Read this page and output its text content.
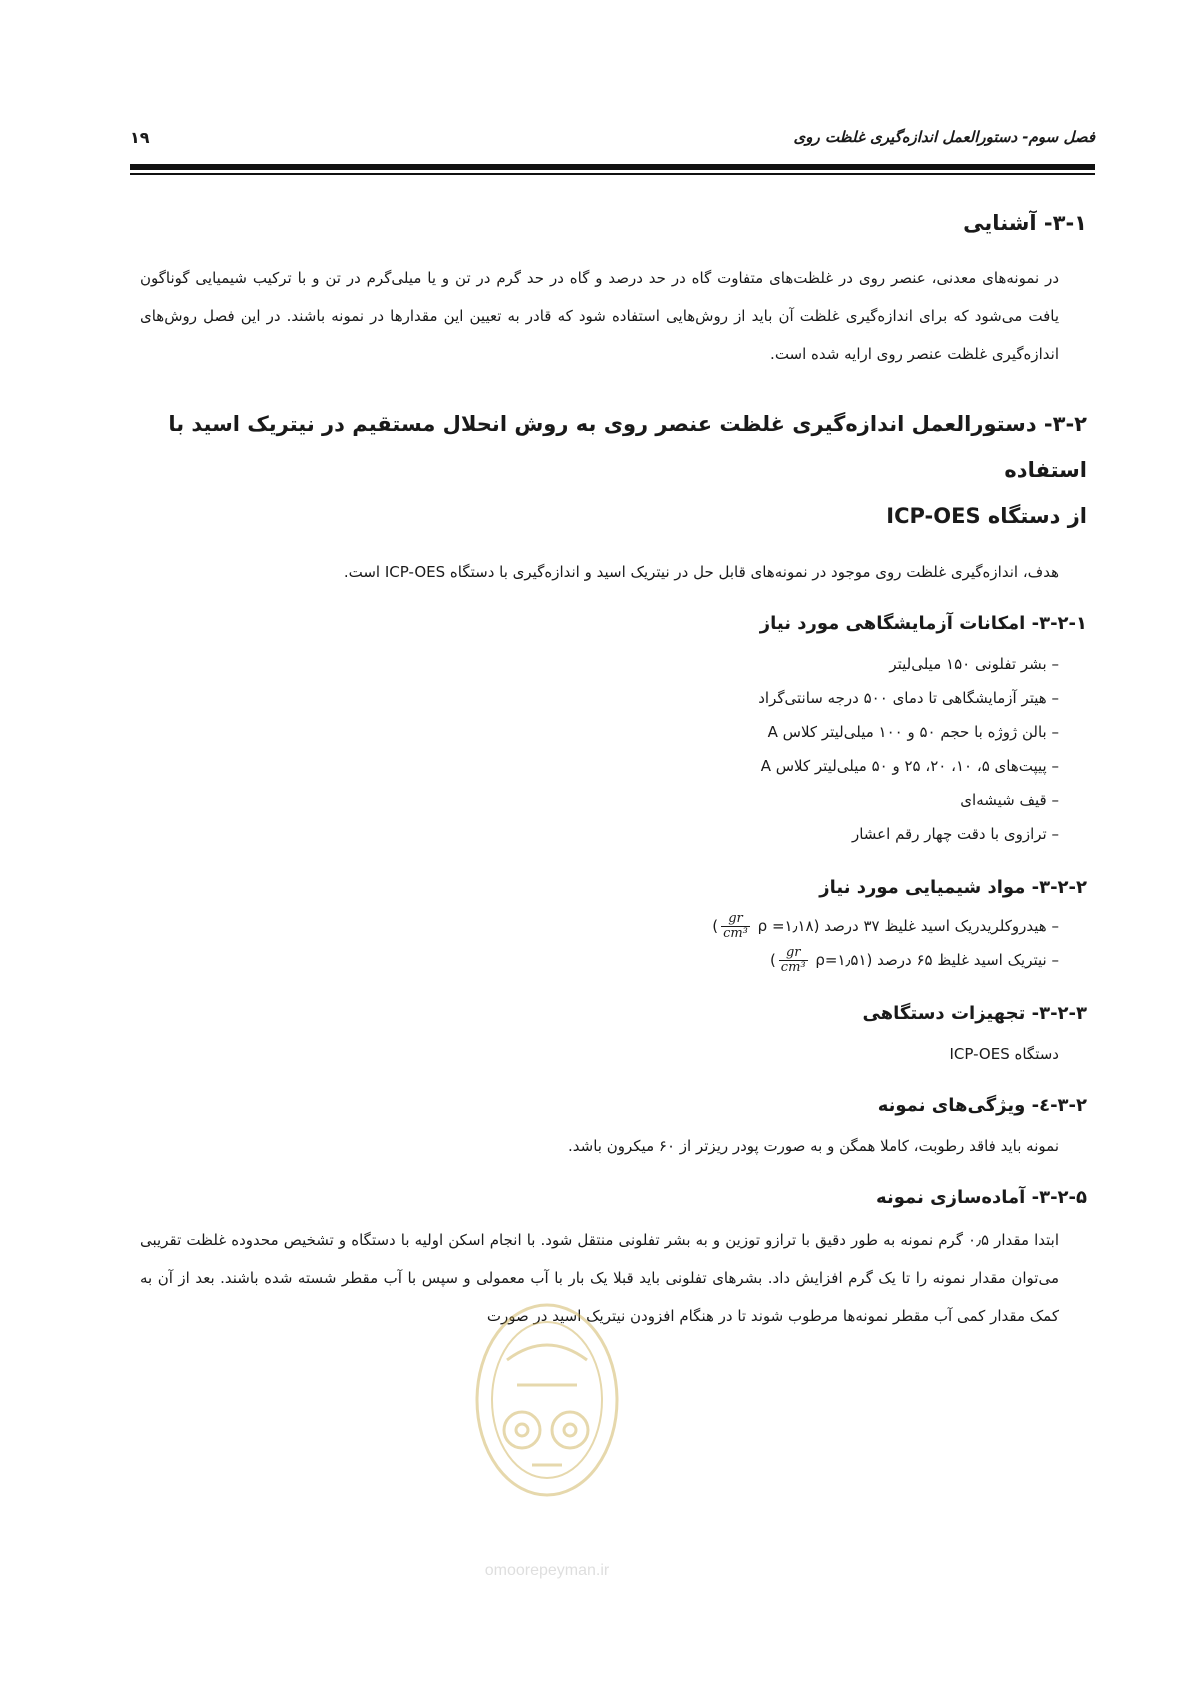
فصل سوم- دستورالعمل اندازه‌گیری غلظت روی
۱۹
۳-۱- آشنایی

در نمونه‌های معدنی، عنصر روی در غلظت‌های متفاوت گاه در حد درصد و گاه در حد گرم در تن و یا میلی‌گرم در تن و با ترکیب شیمیایی گوناگون یافت می‌شود که برای اندازه‌گیری غلظت آن باید از روش‌هایی استفاده شود که قادر به تعیین این مقدارها در نمونه باشند. در این فصل روش‌های اندازه‌گیری غلظت عنصر روی ارایه شده است.

۳-۲- دستورالعمل اندازه‌گیری غلظت عنصر روی به روش انحلال مستقیم در نیتریک اسید با استفاده
از دستگاه ICP-OES

هدف، اندازه‌گیری غلظت روی موجود در نمونه‌های قابل حل در نیتریک اسید و اندازه‌گیری با دستگاه ICP-OES است.

۳-۲-۱- امکانات آزمایشگاهی مورد نیاز
– بشر تفلونی ۱۵۰ میلی‌لیتر
– هیتر آزمایشگاهی تا دمای ۵۰۰ درجه سانتی‌گراد
– بالن ژوژه با حجم ۵۰ و ۱۰۰ میلی‌لیتر کلاس A
– پیپت‌های ۵، ۱۰، ۲۰، ۲۵ و ۵۰ میلی‌لیتر کلاس A
– قیف شیشه‌ای
– ترازوی با دقت چهار رقم اعشار
۳-۲-۲- مواد شیمیایی مورد نیاز
– هیدروکلریدریک اسید غلیظ ۳۷ درصد (ρ =۱٫۱۸
$\frac{gr}{\text{cm³}}$
)
– نیتریک اسید غلیظ ۶۵ درصد (ρ=۱٫۵۱
$\frac{gr}{\text{cm³}}$
)
۳-۲-۳- تجهیزات دستگاهی

دستگاه ICP-OES

۳-۲-٤- ویژگی‌های نمونه

نمونه باید فاقد رطوبت، کاملا همگن و به صورت پودر ریزتر از ۶۰ میکرون باشد.

۳-۲-۵- آماده‌سازی نمونه

ابتدا مقدار ۰٫۵ گرم نمونه به طور دقیق با ترازو توزین و به بشر تفلونی منتقل شود. با انجام اسکن اولیه با دستگاه و تشخیص محدوده غلظت تقریبی می‌توان مقدار نمونه را تا یک گرم افزایش داد. بشرهای تفلونی باید قبلا یک بار با آب معمولی و سپس با آب مقطر شسته شده باشند. بعد از آن به کمک مقدار کمی آب مقطر نمونه‌ها مرطوب شوند تا در هنگام افزودن نیتریک اسید در صورت

omoorepeyman.ir
